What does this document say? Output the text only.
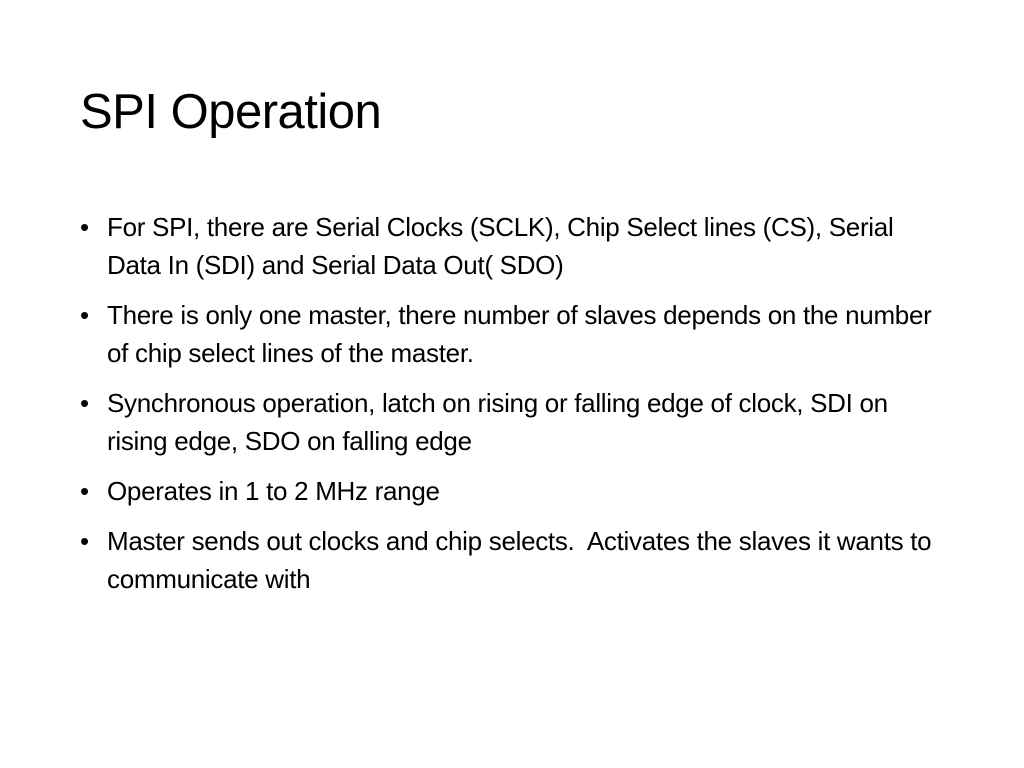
SPI Operation
• For SPI, there are Serial Clocks (SCLK), Chip Select lines (CS), Serial Data In (SDI) and Serial Data Out( SDO)
• There is only one master, there number of slaves depends on the number of chip select lines of the master.
• Synchronous operation, latch on rising or falling edge of clock, SDI on rising edge, SDO on falling edge
• Operates in 1 to 2 MHz range
• Master sends out clocks and chip selects.  Activates the slaves it wants to communicate with
